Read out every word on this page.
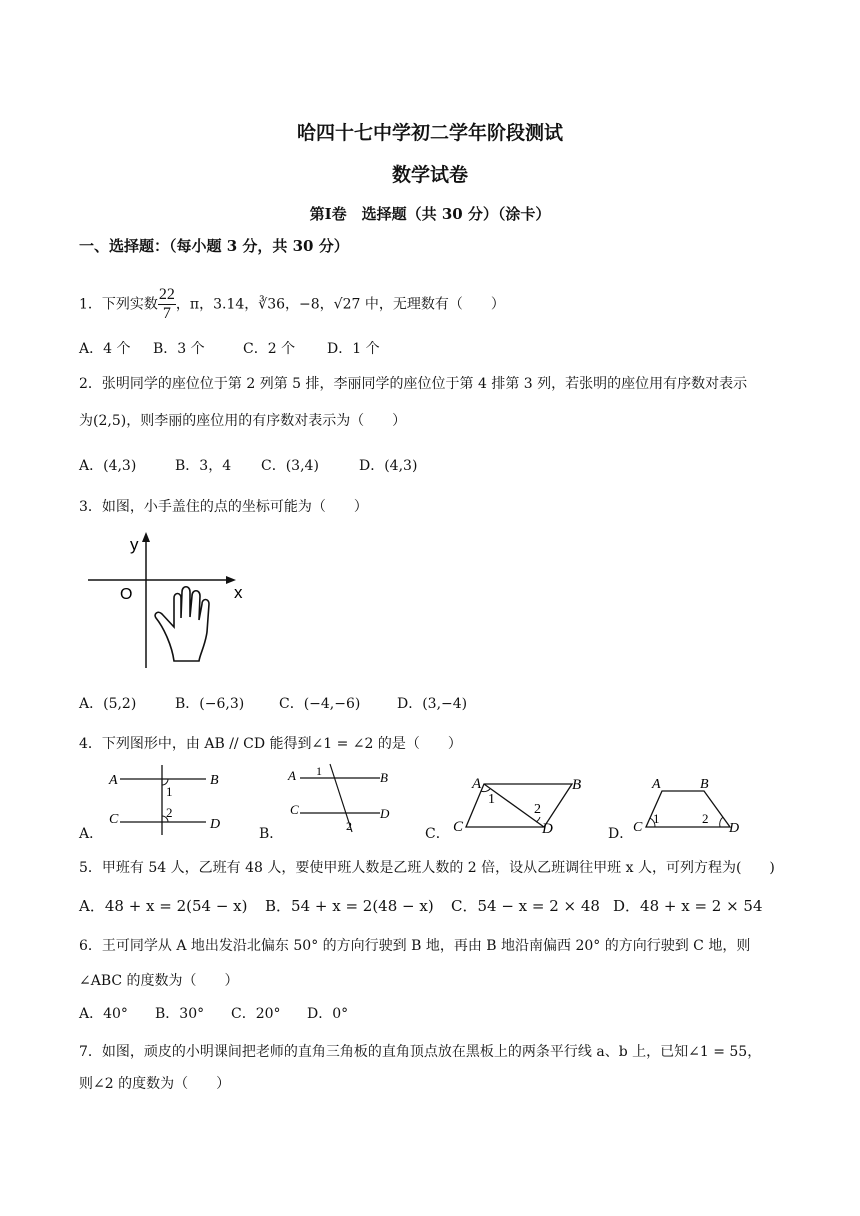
哈四十七中学初二学年阶段测试
数学试卷
第Ⅰ卷　选择题（共 30 分）（涂卡）
一、选择题：（每小题 3 分，共 30 分）
1．下列实数 $\frac{22}{7}$ ，π，3.14，∛36，−8，√27 中，无理数有（　　）
A．4 个 B．3 个	C．2 个 D．1 个
2．张明同学的座位位于第 2 列第 5 排，李丽同学的座位位于第 4 排第 3 列，若张明的座位用有序数对表示
为(2,5)，则李丽的座位用的有序数对表示为（　　）
A．(4,3)	B．3，4 C．(3,4)	D．(4,3)
3．如图，小手盖住的点的坐标可能为（　　）
y
x
O
A．(5,2)	B．(−6,3) C．(−4,−6)	D．(3,−4)
4．下列图形中，由 AB // CD 能得到∠1 = ∠2 的是（　　）
A．
A	B
C	D
1
2
B．
A	B
C	D
1
2	C．
A	B
C	D
1
2
D．
A	B
C	D
1	2
5．甲班有 54 人，乙班有 48 人，要使甲班人数是乙班人数的 2 倍，设从乙班调往甲班 x 人，可列方程为(　　)
A．48 + x = 2(54 − x) B．54 + x = 2(48 − x) C．54 − x = 2 × 48 D．48 + x = 2 × 54
6．王可同学从 A 地出发沿北偏东 50° 的方向行驶到 B 地，再由 B 地沿南偏西 20° 的方向行驶到 C 地，则
∠ABC 的度数为（　　）
A．40° B．30° C．20° D．0°
7．如图，顽皮的小明课间把老师的直角三角板的直角顶点放在黑板上的两条平行线 a、b 上，已知∠1 = 55，
则∠2 的度数为（　　）
